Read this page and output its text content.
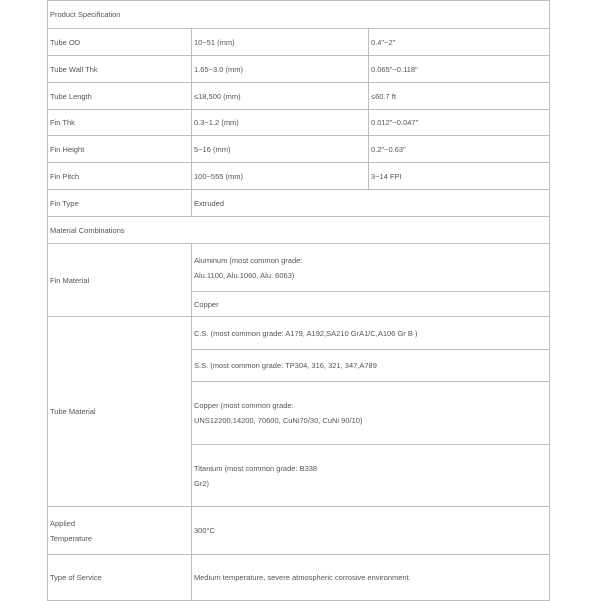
Product Specification		
Tube OD	10~51 (mm)	0.4"~2"
Tube Wall Thk	1.65~3.0 (mm)	0.065"~0.118"
Tube Length	≤18,500 (mm)	≤60.7 ft
Fin Thk	0.3~1.2 (mm)	0.012"~0.047"
Fin Height	5~16 (mm)	0.2"~0.63"
Fin Pitch	100~555 (mm)	3~14 FPI
Fin Type	Extruded	
Material Combinations		
Fin Material	Aluminum (most common grade:
Alu.1100, Alu.1060, Alu. 6063)	

	Copper	
Tube Material	C.S. (most common grade: A179, A192,SA210 GrA1/C,A106 Gr B )	
	S.S. (most common grade: TP304, 316, 321, 347,A789	

	Copper (most common grade:
UNS12200,14200, 70600, CuNi70/30, CuNi 90/10)	

	Titanium (most common grade: B338
Gr2)	

Applied
Temperature	300°C	
Type of Service	Medium temperature, severe atmospheric corrosive environment.	
